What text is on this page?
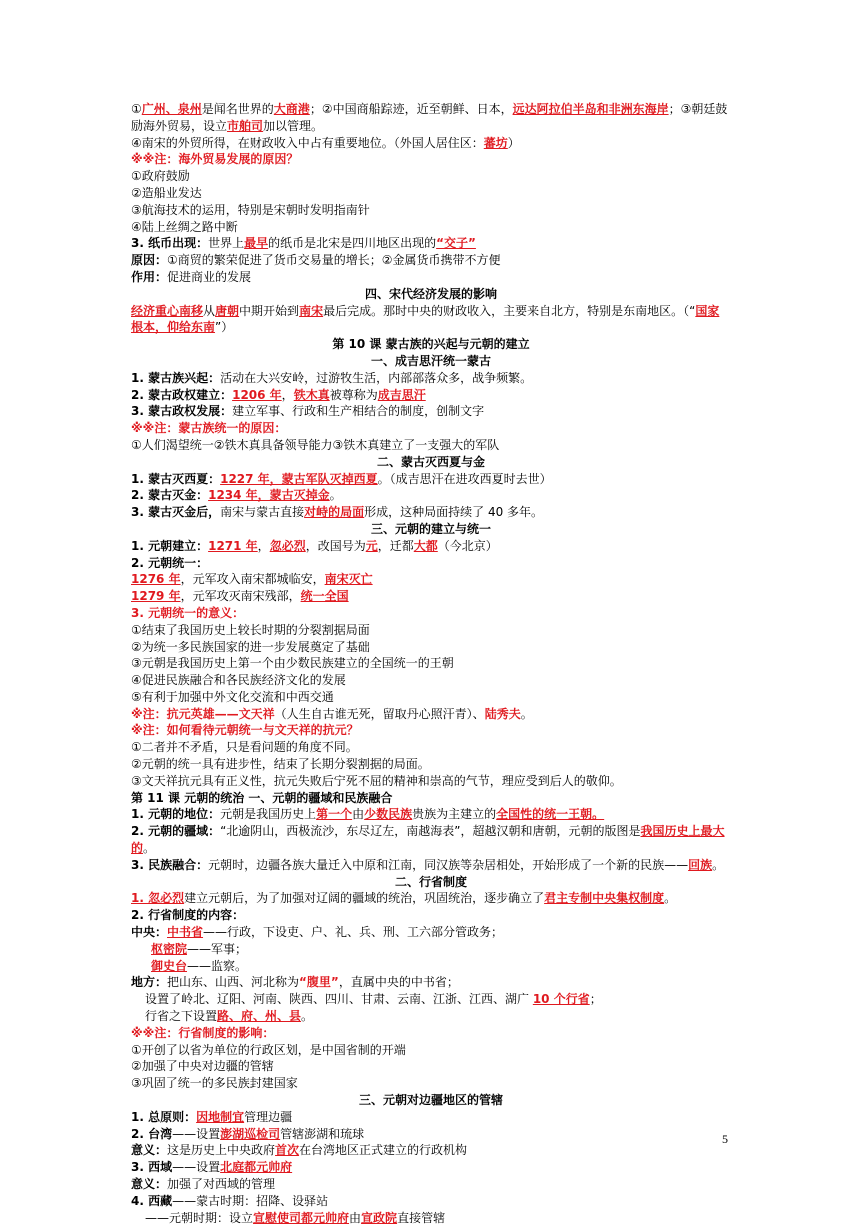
①广州、泉州是闻名世界的大商港；②中国商船踪迹，近至朝鲜、日本，远达阿拉伯半岛和非洲东海岸；③朝廷鼓励海外贸易，设立市舶司加以管理。
④南宋的外贸所得，在财政收入中占有重要地位。（外国人居住区：蕃坊）
※※注：海外贸易发展的原因？
①政府鼓励
②造船业发达
③航海技术的运用，特别是宋朝时发明指南针
④陆上丝绸之路中断
3. 纸币出现：世界上最早的纸币是北宋是四川地区出现的“交子”
原因：①商贸的繁荣促进了货币交易量的增长；②金属货币携带不方便
作用：促进商业的发展
四、宋代经济发展的影响
经济重心南移从唐朝中期开始到南宋最后完成。那时中央的财政收入，主要来自北方，特别是东南地区。（“国家根本，仰给东南”）
第 10 课 蒙古族的兴起与元朝的建立
一、成吉思汗统一蒙古
1. 蒙古族兴起：活动在大兴安岭，过游牧生活，内部部落众多，战争频繁。
2. 蒙古政权建立：1206 年，铁木真被尊称为成吉思汗
3. 蒙古政权发展：建立军事、行政和生产相结合的制度，创制文字
※※注：蒙古族统一的原因：
①人们渴望统一②铁木真具备领导能力③铁木真建立了一支强大的军队
二、蒙古灭西夏与金
1. 蒙古灭西夏：1227 年，蒙古军队灭掉西夏。（成吉思汗在进攻西夏时去世）
2. 蒙古灭金：1234 年，蒙古灭掉金。
3. 蒙古灭金后，南宋与蒙古直接对峙的局面形成，这种局面持续了 40 多年。
三、元朝的建立与统一
1. 元朝建立：1271 年，忽必烈，改国号为元，迁都大都（今北京）
2. 元朝统一：
1276 年，元军攻入南宋都城临安，南宋灭亡
1279 年，元军攻灭南宋残部，统一全国
3. 元朝统一的意义：
①结束了我国历史上较长时期的分裂割据局面
②为统一多民族国家的进一步发展奠定了基础
③元朝是我国历史上第一个由少数民族建立的全国统一的王朝
④促进民族融合和各民族经济文化的发展
⑤有利于加强中外文化交流和中西交通
※注：抗元英雄——文天祥（人生自古谁无死，留取丹心照汗青）、陆秀夫。
※注：如何看待元朝统一与文天祥的抗元？
①二者并不矛盾，只是看问题的角度不同。
②元朝的统一具有进步性，结束了长期分裂割据的局面。
③文天祥抗元具有正义性，抗元失败后宁死不屈的精神和崇高的气节，理应受到后人的敬仰。
第 11 课 元朝的统治 一、元朝的疆域和民族融合
1. 元朝的地位：元朝是我国历史上第一个由少数民族贵族为主建立的全国性的统一王朝。
2. 元朝的疆域：“北逾阴山，西极流沙，东尽辽左，南越海表”，超越汉朝和唐朝，元朝的版图是我国历史上最大的。
3. 民族融合：元朝时，边疆各族大量迁入中原和江南，同汉族等杂居相处，开始形成了一个新的民族——回族。
二、行省制度
1. 忽必烈建立元朝后，为了加强对辽阔的疆域的统治，巩固统治，逐步确立了君主专制中央集权制度。
2. 行省制度的内容：
中央：中书省——行政，下设吏、户、礼、兵、刑、工六部分管政务；
枢密院——军事；
御史台——监察。
地方：把山东、山西、河北称为“腹里”，直属中央的中书省；
设置了岭北、辽阳、河南、陕西、四川、甘肃、云南、江浙、江西、湖广 10 个行省；
行省之下设置路、府、州、县。
※※注：行省制度的影响：
①开创了以省为单位的行政区划，是中国省制的开端
②加强了中央对边疆的管辖
③巩固了统一的多民族封建国家
三、元朝对边疆地区的管辖
1. 总原则：因地制宜管理边疆
2. 台湾——设置澎湖巡检司管辖澎湖和琉球
意义：这是历史上中央政府首次在台湾地区正式建立的行政机构
3. 西域——设置北庭都元帅府
意义：加强了对西域的管理
4. 西藏——蒙古时期：招降、设驿站
——元朝时期：设立宣慰使司都元帅府由宣政院直接管辖
5
